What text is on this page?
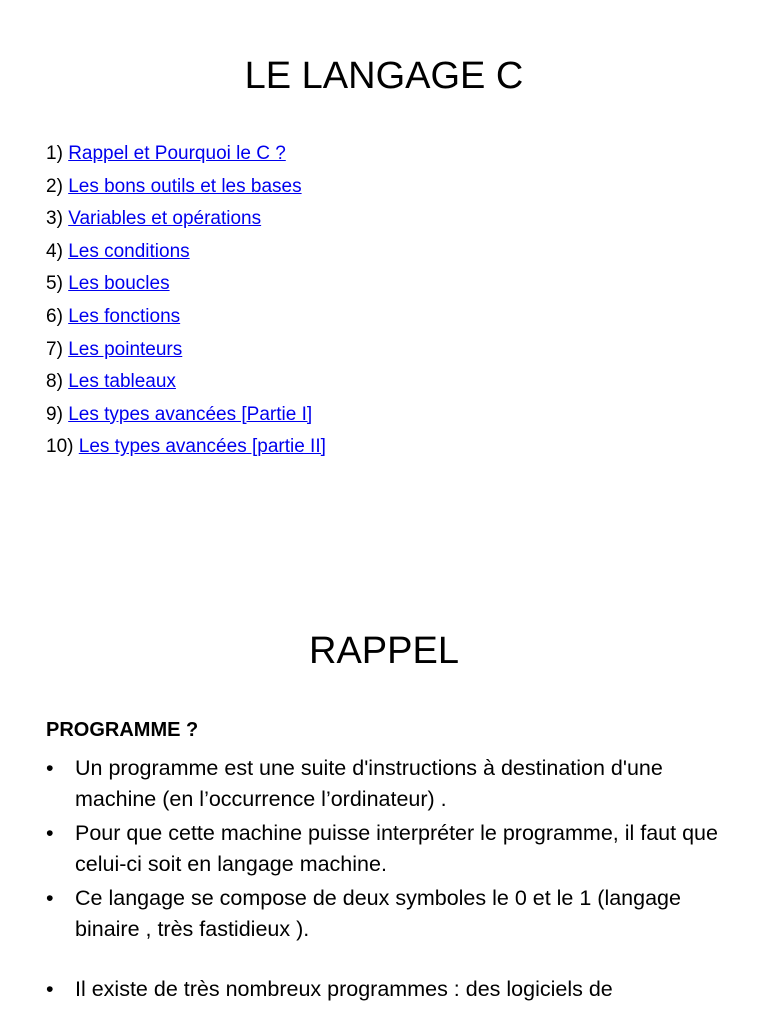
LE LANGAGE C
1) Rappel et Pourquoi le C ?
2) Les bons outils et les bases
3) Variables et opérations
4) Les conditions
5) Les boucles
6) Les fonctions
7) Les pointeurs
8) Les tableaux
9) Les types avancées [Partie I]
10) Les types avancées [partie II]
RAPPEL

PROGRAMME ?

• Un programme est une suite d'instructions à destination d'une machine (en l’occurrence l’ordinateur) .
• Pour que cette machine puisse interpréter le programme, il faut que celui-ci soit en langage machine.
• Ce langage se compose de deux symboles le 0 et le 1 (langage binaire , très fastidieux ).
• Il existe de très nombreux programmes : des logiciels de
